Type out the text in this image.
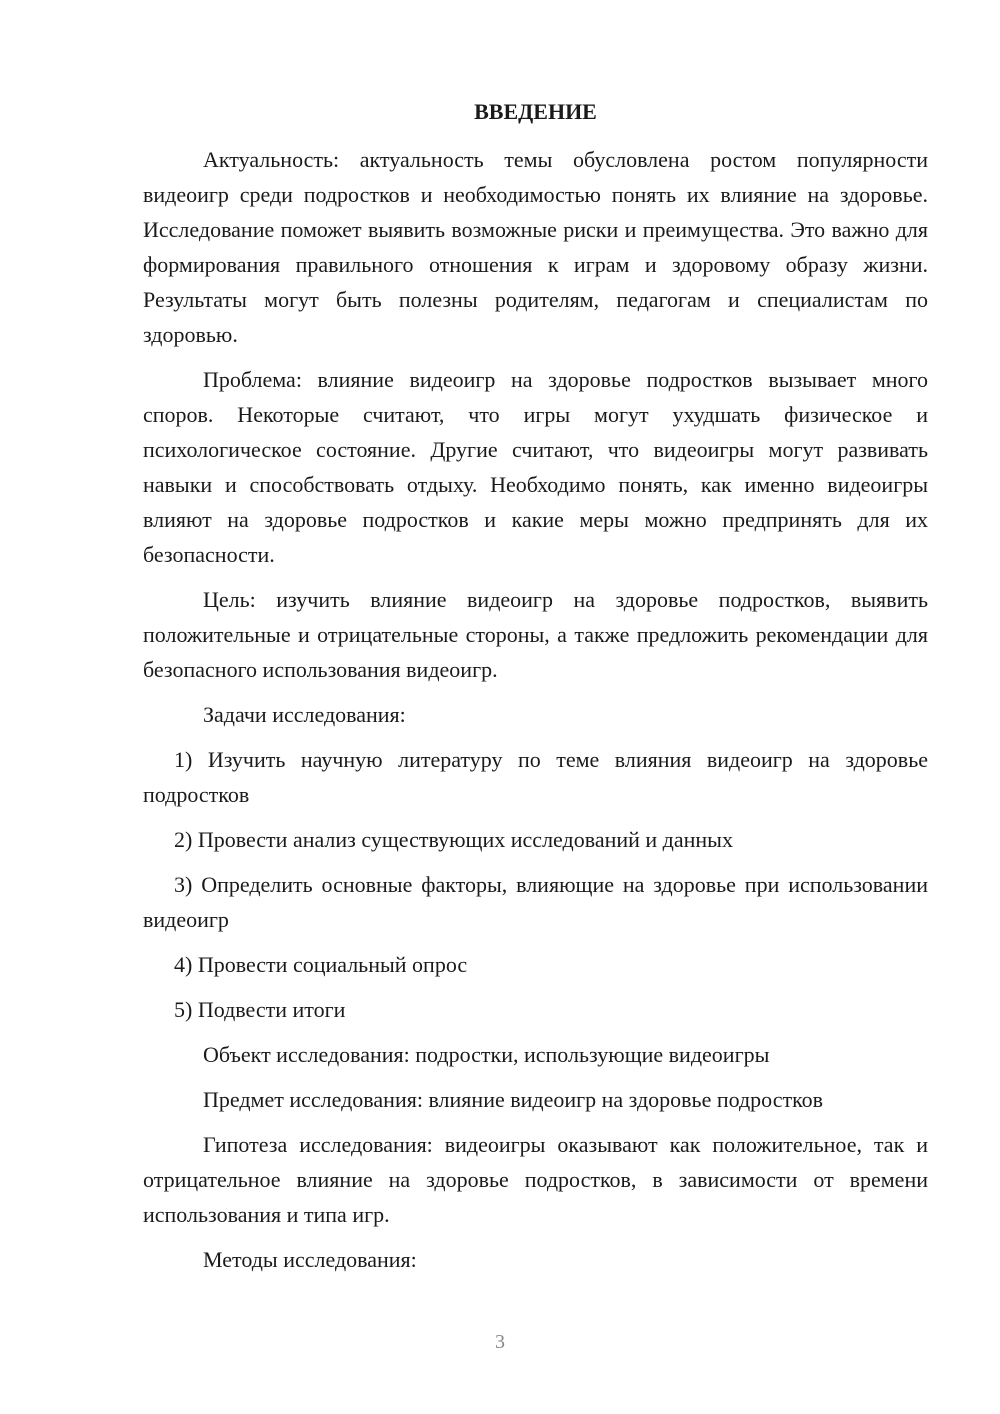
ВВЕДЕНИЕ

Актуальность: актуальность темы обусловлена ростом популярности видеоигр среди подростков и необходимостью понять их влияние на здоровье. Исследование поможет выявить возможные риски и преимущества. Это важно для формирования правильного отношения к играм и здоровому образу жизни. Результаты могут быть полезны родителям, педагогам и специалистам по здоровью.

Проблема: влияние видеоигр на здоровье подростков вызывает много споров. Некоторые считают, что игры могут ухудшать физическое и психологическое состояние. Другие считают, что видеоигры могут развивать навыки и способствовать отдыху. Необходимо понять, как именно видеоигры влияют на здоровье подростков и какие меры можно предпринять для их безопасности.

Цель: изучить влияние видеоигр на здоровье подростков, выявить положительные и отрицательные стороны, а также предложить рекомендации для безопасного использования видеоигр.

Задачи исследования:

1) Изучить научную литературу по теме влияния видеоигр на здоровье подростков

2) Провести анализ существующих исследований и данных

3) Определить основные факторы, влияющие на здоровье при использовании видеоигр

4) Провести социальный опрос

5) Подвести итоги

Объект исследования: подростки, использующие видеоигры

Предмет исследования: влияние видеоигр на здоровье подростков

Гипотеза исследования: видеоигры оказывают как положительное, так и отрицательное влияние на здоровье подростков, в зависимости от времени использования и типа игр.

Методы исследования:

3
